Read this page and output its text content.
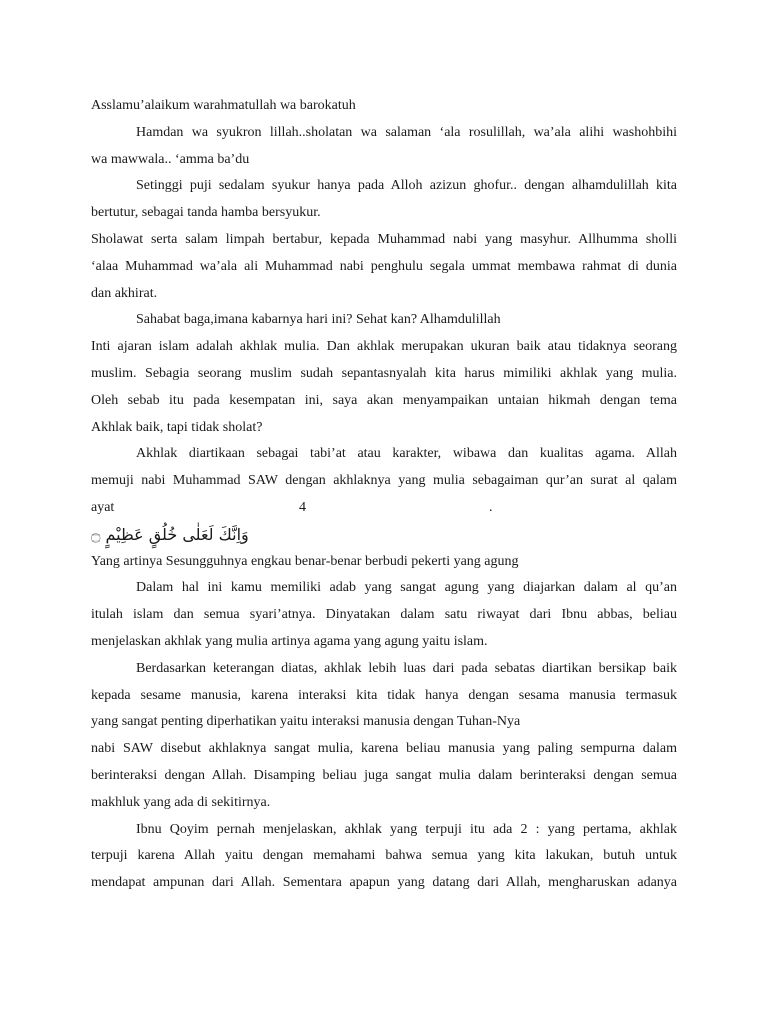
Asslamu’alaikum warahmatullah wa barokatuh
Hamdan wa syukron lillah..sholatan wa salaman ‘ala rosulillah, wa’ala alihi washohbihi
wa mawwala.. ‘amma ba’du
Setinggi puji sedalam syukur hanya pada Alloh azizun ghofur.. dengan alhamdulillah kita
bertutur, sebagai tanda hamba bersyukur.
Sholawat serta salam limpah bertabur, kepada Muhammad nabi yang masyhur. Allhumma sholli
‘alaa Muhammad wa’ala ali Muhammad nabi penghulu segala ummat membawa rahmat di dunia
dan akhirat.
Sahabat baga,imana kabarnya hari ini? Sehat kan? Alhamdulillah
Inti ajaran islam adalah akhlak mulia. Dan akhlak merupakan ukuran baik atau tidaknya seorang
muslim. Sebagia seorang muslim sudah sepantasnyalah kita harus mimiliki akhlak yang mulia.
Oleh sebab itu pada kesempatan ini, saya akan menyampaikan untaian hikmah dengan tema
Akhlak baik, tapi tidak sholat?
Akhlak diartikaan sebagai tabi’at atau karakter, wibawa dan kualitas agama. Allah
memuji nabi Muhammad SAW dengan akhlaknya yang mulia sebagaiman qur’an surat al qalam
ayat	4	.
وَاِنَّكَ لَعَلٰى خُلُقٍ عَظِيْمٍ ۝
Yang artinya Sesungguhnya engkau benar-benar berbudi pekerti yang agung
Dalam hal ini kamu memiliki adab yang sangat agung yang diajarkan dalam al qu’an
itulah islam dan semua syari’atnya. Dinyatakan dalam satu riwayat dari Ibnu abbas, beliau
menjelaskan akhlak yang mulia artinya agama yang agung yaitu islam.
Berdasarkan keterangan diatas, akhlak lebih luas dari pada sebatas diartikan bersikap baik
kepada sesame manusia, karena interaksi kita tidak hanya dengan sesama manusia termasuk
yang sangat penting diperhatikan yaitu interaksi manusia dengan Tuhan-Nya
nabi SAW disebut akhlaknya sangat mulia, karena beliau manusia yang paling sempurna dalam
berinteraksi dengan Allah. Disamping beliau juga sangat mulia dalam berinteraksi dengan semua
makhluk yang ada di sekitirnya.
Ibnu Qoyim pernah menjelaskan, akhlak yang terpuji itu ada 2 : yang pertama, akhlak
terpuji karena Allah yaitu dengan memahami bahwa semua yang kita lakukan, butuh untuk
mendapat ampunan dari Allah. Sementara apapun yang datang dari Allah, mengharuskan adanya
